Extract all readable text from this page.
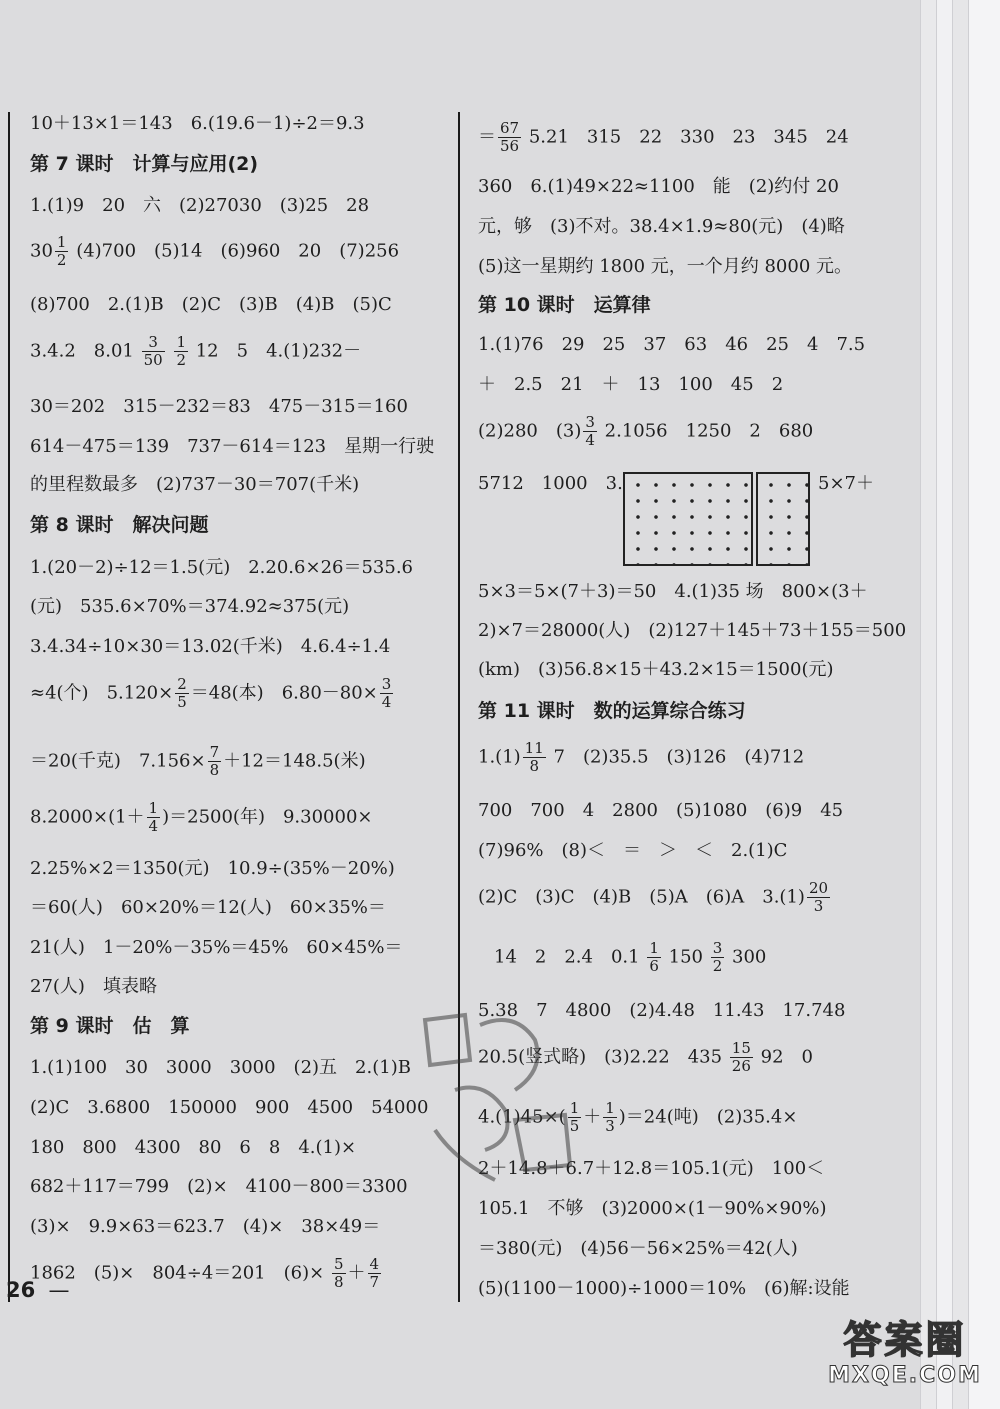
10＋13×1＝143　6.(19.6－1)÷2＝9.3
第 7 课时　计算与应用(2)
1.(1)9　20　六　(2)27030　(3)25　28
$30 \frac{1}{2} (4)700$　(5)14　(6)960　20　(7)256
(8)700　2.(1)B　(2)C　(3)B　(4)B　(5)C
3.4.2　$8.01 \frac{3}{50}$
$\frac{1}{2} 12$　5　4.(1)232－
30＝202　315－232＝83　475－315＝160
614－475＝139　737－614＝123　星期一行驶
的里程数最多　(2)737－30＝707(千米)
第 8 课时　解决问题
1.(20－2)÷12＝1.5(元)　2.20.6×26＝535.6
(元)　535.6×70%＝374.92≈375(元)
3.4.34÷10×30＝13.02(千米)　4.6.4÷1.4
≈4(个)　$5.120\times \frac{2}{5} =48$(本)　$6.80-80\times \frac{3}{4}$
＝20(千克)　$7.156\times \frac{7}{8} +12=148.5$(米)
$8.2000\times(1+ \frac{1}{4} )=2500$(年)　9.30000×
2.25%×2＝1350(元)　10.9÷(35%－20%)
＝60(人)　60×20%＝12(人)　60×35%＝
21(人)　1－20%－35%＝45%　60×45%＝
27(人)　填表略
第 9 课时　估　算
1.(1)100　30　3000　3000　(2)五　2.(1)B
(2)C　3.6800　150000　900　4500　54000
180　800　4300　80　6　8　4.(1)×
682＋117＝799　(2)×　4100－800＝3300
(3)×　9.9×63＝623.7　(4)×　38×49＝
1862　(5)×　804÷4＝201　$(6)\times \frac{5}{8} + \frac{4}{7}$
＝ $\frac{67}{56} 5.21$　315　22　330　23　345　24
360　6.(1)49×22≈1100　能　(2)约付 20
元，够　(3)不对。38.4×1.9≈80(元)　(4)略
(5)这一星期约 1800 元，一个月约 8000 元。
第 10 课时　运算律
1.(1)76　29　25　37　63　46　25　4　7.5
＋　2.5　21　＋　13　100　45　2
(2)280　$(3) \frac{3}{4} 2.1056$　1250　2　680
5712　1000　3.	5×7＋
5×3＝5×(7＋3)＝50　4.(1)35 场　800×(3＋
2)×7＝28000(人)　(2)127＋145＋73＋155＝500
(km)　(3)56.8×15＋43.2×15＝1500(元)
第 11 课时　数的运算综合练习
$1.(1) \frac{11}{8} 7$　(2)35.5　(3)126　(4)712
700　700　4　2800　(5)1080　(6)9　45
(7)96%　(8)＜　＝　＞　＜　2.(1)C
(2)C　(3)C　(4)B　(5)A　(6)A　$3.(1) \frac{20}{3}$
14　2　2.4　$0.1 \frac{1}{6} 150 \frac{3}{2} 300$
5.38　7　4800　(2)4.48　11.43　17.748
20.5(竖式略)　(3)2.22　$435 \frac{15}{26} 92$　0
$4.(1)45\times( \frac{1}{5} + \frac{1}{3} )=24$(吨)　(2)35.4×
2＋14.8＋6.7＋12.8＝105.1(元)　100＜
105.1　不够　(3)2000×(1－90%×90%)
＝380(元)　(4)56－56×25%＝42(人)
(5)(1100－1000)÷1000＝10%　(6)解:设能
26 —
答案圈
MXQE.COM
